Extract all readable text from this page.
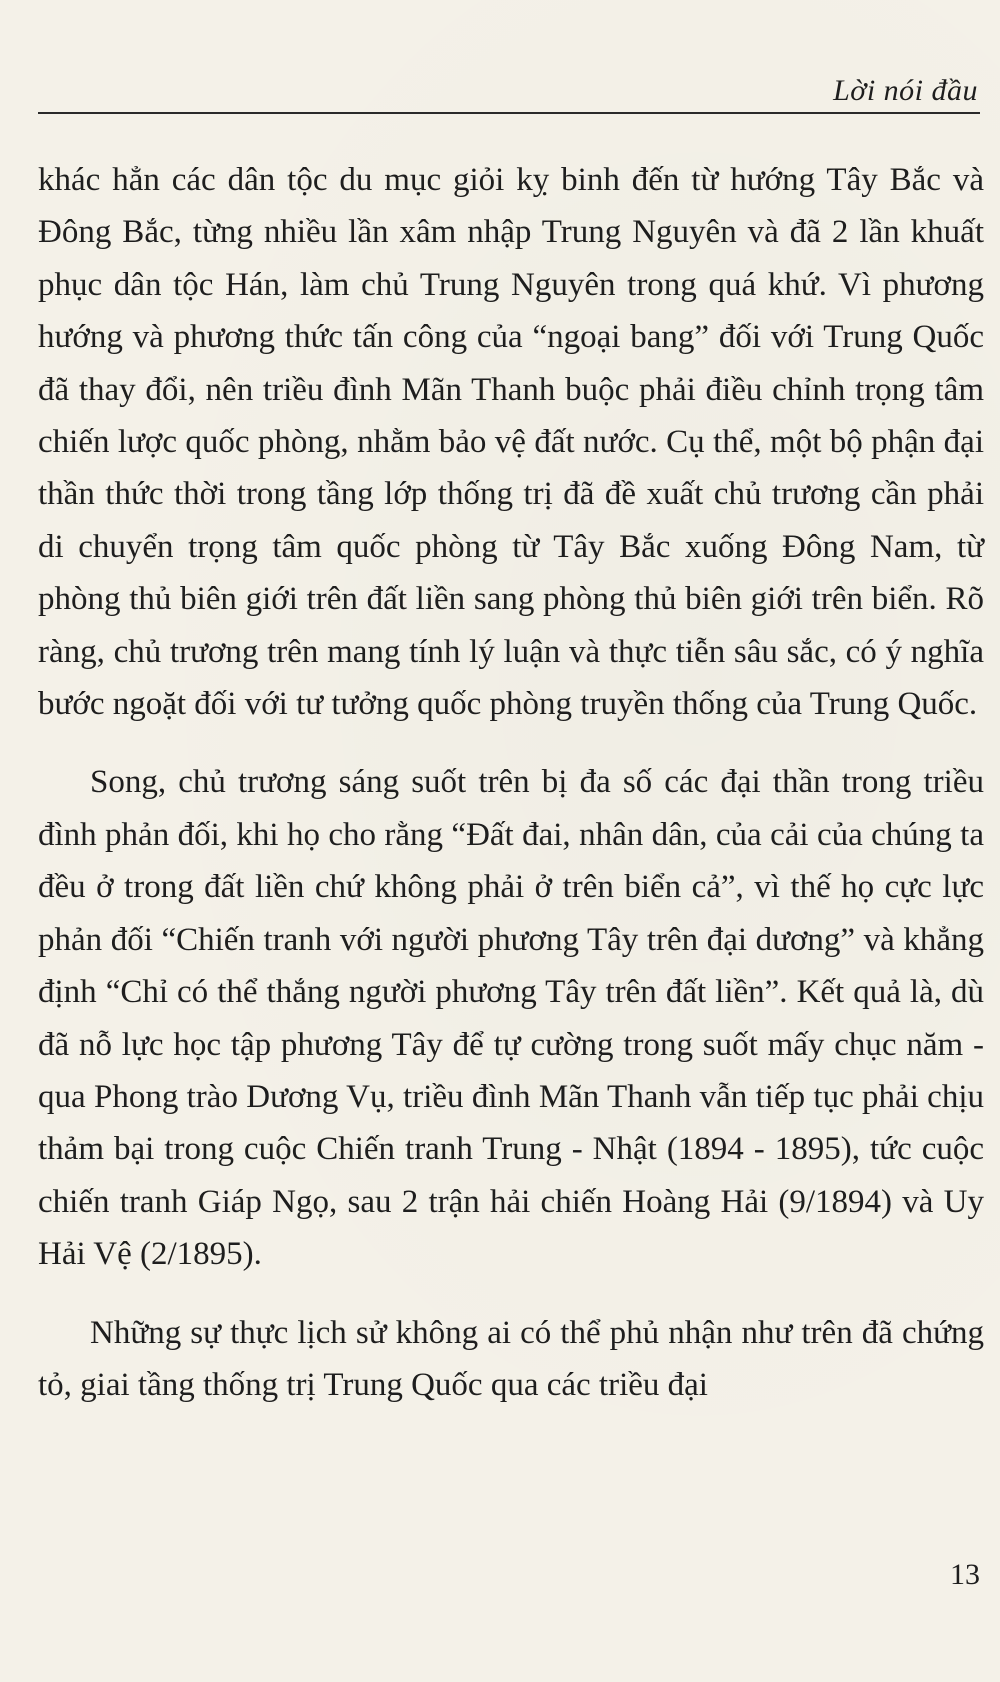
Lời nói đầu

khác hẳn các dân tộc du mục giỏi kỵ binh đến từ hướng Tây Bắc và Đông Bắc, từng nhiều lần xâm nhập Trung Nguyên và đã 2 lần khuất phục dân tộc Hán, làm chủ Trung Nguyên trong quá khứ. Vì phương hướng và phương thức tấn công của “ngoại bang” đối với Trung Quốc đã thay đổi, nên triều đình Mãn Thanh buộc phải điều chỉnh trọng tâm chiến lược quốc phòng, nhằm bảo vệ đất nước. Cụ thể, một bộ phận đại thần thức thời trong tầng lớp thống trị đã đề xuất chủ trương cần phải di chuyển trọng tâm quốc phòng từ Tây Bắc xuống Đông Nam, từ phòng thủ biên giới trên đất liền sang phòng thủ biên giới trên biển. Rõ ràng, chủ trương trên mang tính lý luận và thực tiễn sâu sắc, có ý nghĩa bước ngoặt đối với tư tưởng quốc phòng truyền thống của Trung Quốc.

Song, chủ trương sáng suốt trên bị đa số các đại thần trong triều đình phản đối, khi họ cho rằng “Đất đai, nhân dân, của cải của chúng ta đều ở trong đất liền chứ không phải ở trên biển cả”, vì thế họ cực lực phản đối “Chiến tranh với người phương Tây trên đại dương” và khẳng định “Chỉ có thể thắng người phương Tây trên đất liền”. Kết quả là, dù đã nỗ lực học tập phương Tây để tự cường trong suốt mấy chục năm - qua Phong trào Dương Vụ, triều đình Mãn Thanh vẫn tiếp tục phải chịu thảm bại trong cuộc Chiến tranh Trung - Nhật (1894 - 1895), tức cuộc chiến tranh Giáp Ngọ, sau 2 trận hải chiến Hoàng Hải (9/1894) và Uy Hải Vệ (2/1895).

Những sự thực lịch sử không ai có thể phủ nhận như trên đã chứng tỏ, giai tầng thống trị Trung Quốc qua các triều đại

13
